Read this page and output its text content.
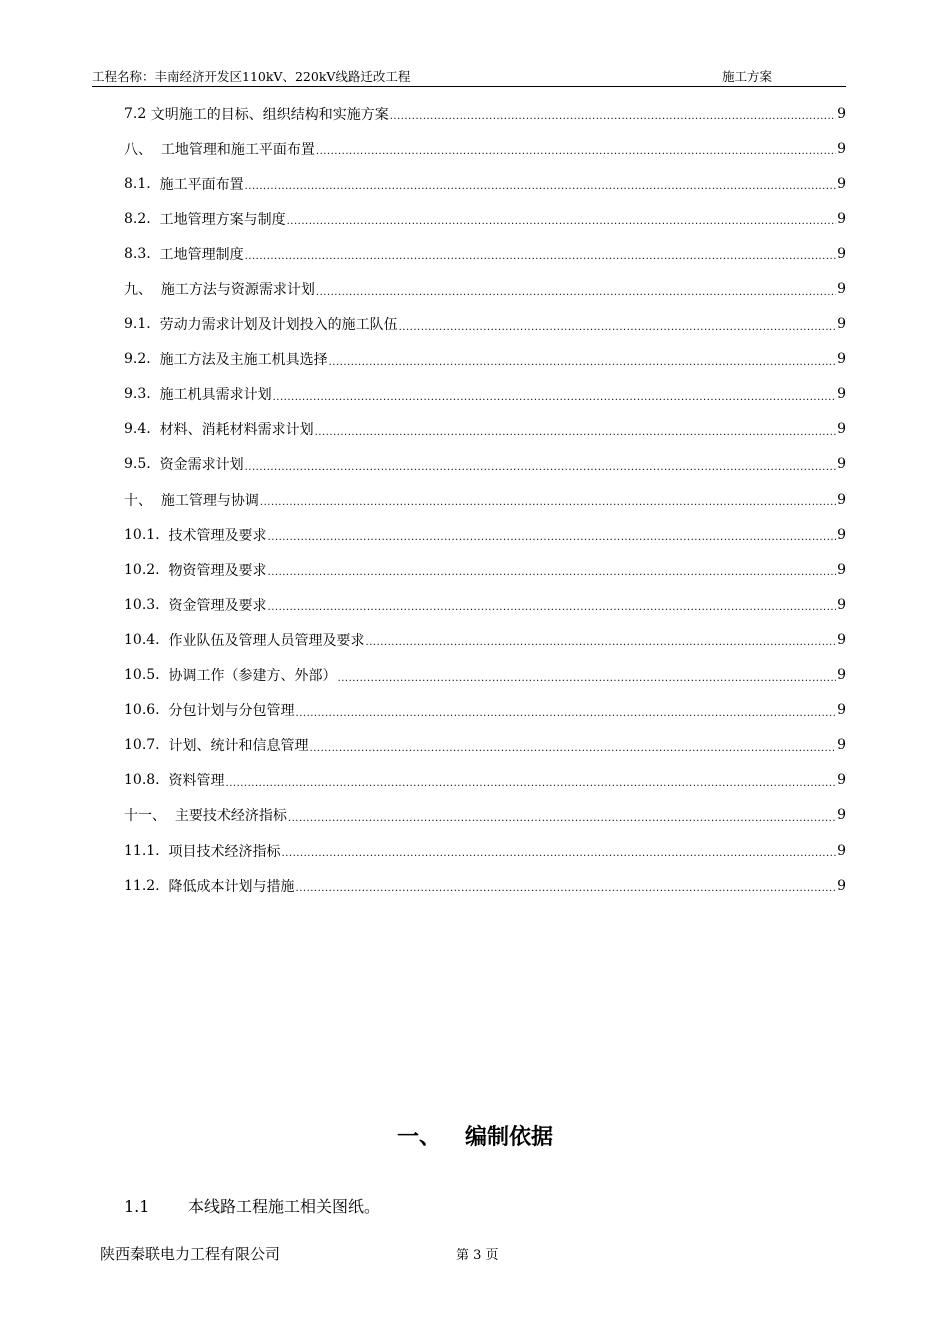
工程名称：丰南经济开发区110kV、220kV线路迁改工程	施工方案
7.2 文明施工的目标、组织结构和实施方案 .....	9
八、 工地管理和施工平面布置 .....	9
8.1. 施工平面布置 .....	9
8.2. 工地管理方案与制度 .....	9
8.3. 工地管理制度 .....	9
九、 施工方法与资源需求计划 .....	9
9.1. 劳动力需求计划及计划投入的施工队伍 .....	9
9.2. 施工方法及主施工机具选择 .....	9
9.3. 施工机具需求计划 .....	9
9.4. 材料、消耗材料需求计划 .....	9
9.5. 资金需求计划 .....	9
十、 施工管理与协调 .....	9
10.1. 技术管理及要求 .....	9
10.2. 物资管理及要求 .....	9
10.3. 资金管理及要求 .....	9
10.4. 作业队伍及管理人员管理及要求 .....	9
10.5. 协调工作（参建方、外部） .....	9
10.6. 分包计划与分包管理 .....	9
10.7. 计划、统计和信息管理 .....	9
10.8. 资料管理 .....	9
十一、 主要技术经济指标 .....	9
11.1. 项目技术经济指标 .....	9
11.2. 降低成本计划与措施 .....	9
一、 编制依据
1.1 本线路工程施工相关图纸。
陕西秦联电力工程有限公司	第 3 页
